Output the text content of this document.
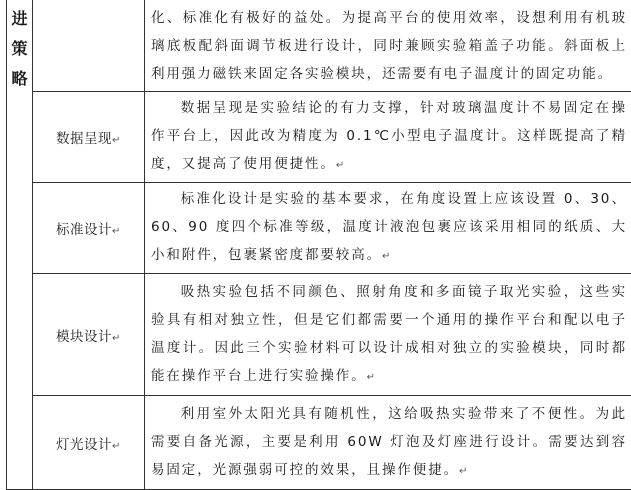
进
策
略		化、标准化有极好的益处。为提高平台的使用效率，设想利用有机玻璃底板配斜面调节板进行设计，同时兼顾实验箱盖子功能。斜面板上利用强力磁铁来固定各实验模块，还需要有电子温度计的固定功能。

	数据呈现↵	数据呈现是实验结论的有力支撑，针对玻璃温度计不易固定在操作平台上，因此改为精度为 0.1℃小型电子温度计。这样既提高了精度，又提高了使用便捷性。↵

	标准设计↵	标准化设计是实验的基本要求，在角度设置上应该设置 0、30、60、90 度四个标准等级，温度计液泡包裹应该采用相同的纸质、大小和附件，包裹紧密度都要较高。↵

	模块设计↵	吸热实验包括不同颜色、照射角度和多面镜子取光实验，这些实验具有相对独立性，但是它们都需要一个通用的操作平台和配以电子温度计。因此三个实验材料可以设计成相对独立的实验模块，同时都能在操作平台上进行实验操作。↵

	灯光设计↵	利用室外太阳光具有随机性，这给吸热实验带来了不便性。为此需要自备光源，主要是利用 60W 灯泡及灯座进行设计。需要达到容易固定，光源强弱可控的效果，且操作便捷。↵
